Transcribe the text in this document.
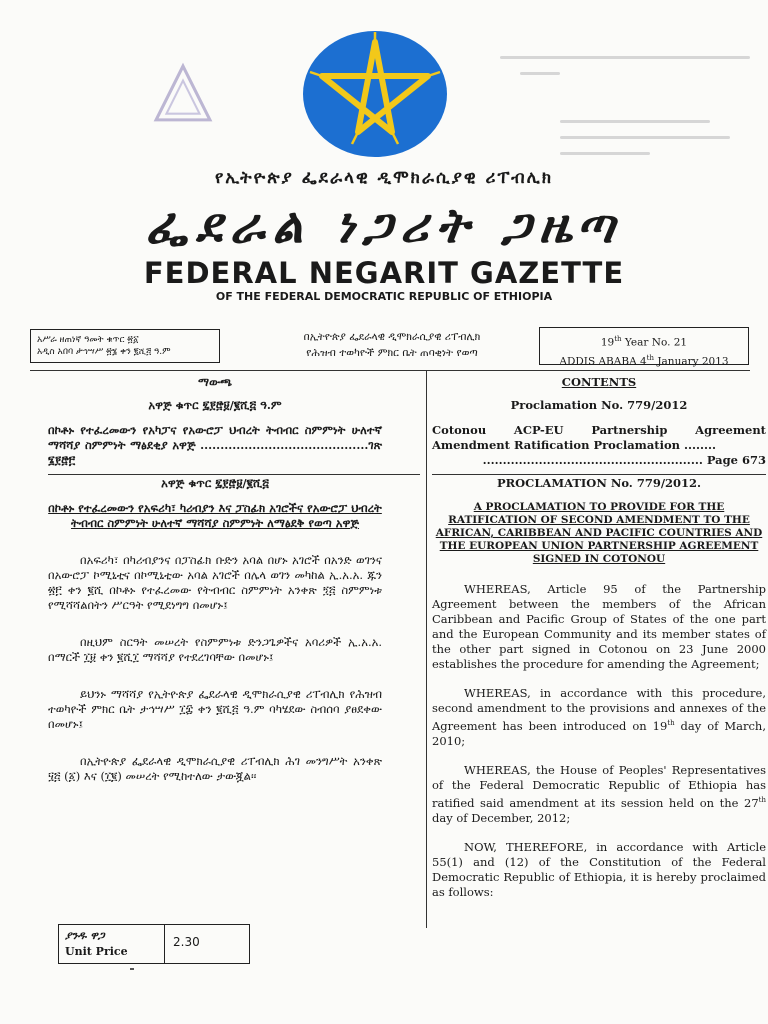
የኢትዮጵያ ፌደራላዊ ዲሞክራሲያዊ ሪፐብሊክ
ፌደራል ነጋሪት ጋዜጣ
FEDERAL NEGARIT GAZETTE
OF THE FEDERAL DEMOCRATIC REPUBLIC OF ETHIOPIA
አሥራ ዘጠነኛ ዓመት ቁጥር ፳፩
አዲስ አበባ ታኅሣሥ ፳፮ ቀን ፪ሺ፭ ዓ.ም
በኢትዮጵያ ፌደራላዊ ዲሞክራሲያዊ ሪፐብሊክ
የሕዝብ ተወካዮች ምክር ቤት ጠባቂነት የወጣ
19th Year No. 21
ADDIS ABABA 4th January 2013

ማውጫ

አዋጅ ቁጥር ፯፻፸፱/፪ሺ፭ ዓ.ም

በኮቶኑ የተፈረመውን የአካፓና የአውሮፓ ህብረት ትብብር ስምምነት ሁለተኛ ማሻሻያ ስምምነት ማፅደቂያ አዋጅ ..........................................ገጽ ፮፻፸፫

አዋጅ ቁጥር ፯፻፸፱/፪ሺ፭

በኮቶኑ የተፈረመውን የአፍሪካ፣ ካሪብያን እና ፓስፊክ አገሮችና የአውሮፓ ህብረት ትብብር ስምምነት ሁለተኛ ማሻሻያ ስምምነት ለማፅደቅ የወጣ አዋጅ

በአፍሪካ፣ በካሪብያንና በፓስፊክ ቡድን አባል በሆኑ አገሮች በአንድ ወገንና በአውሮፓ ኮሚኒቲና በኮሚኒቲው አባል አገሮች በሌላ ወገን መካከል ኢ.አ.አ. ጁን ፳፫ ቀን ፪ሺ በኮቶኑ የተፈረመው የትብብር ስምምነት አንቀጽ ፺፭ ስምምነቱ የሚሻሻልበትን ሥርዓት የሚደነግግ በመሆኑ፤

በዚህም ስርዓት መሠረት የስምምነቱ ድንጋጌዎችና አባሪዎች ኢ.አ.አ. በማርች ፲፱ ቀን ፪ሺ፲ ማሻሻያ የተደረገባቸው በመሆኑ፤

ይህንኑ ማሻሻያ የኢትዮጵያ ፌደራላዊ ዲሞክራሲያዊ ሪፐብሊክ የሕዝብ ተወካዮች ምክር ቤት ታኅሣሥ ፲፰ ቀን ፪ሺ፭ ዓ.ም ባካሄደው ስብሰባ ያፀደቀው በመሆኑ፤

በኢትዮጵያ ፌደራላዊ ዲሞክራሲያዊ ሪፐብሊክ ሕገ መንግሥት አንቀጽ ፶፭ (፩) እና (፲፪) መሠረት የሚከተለው ታውጇል፡፡

CONTENTS

Proclamation No. 779/2012

Cotonou ACP-EU Partnership Agreement Amendment Ratification Proclamation ........

....................................................... Page 673

PROCLAMATION No. 779/2012.

A PROCLAMATION TO PROVIDE FOR THE RATIFICATION OF SECOND AMENDMENT TO THE AFRICAN, CARIBBEAN AND PACIFIC COUNTRIES AND THE EUROPEAN UNION PARTNERSHIP AGREEMENT SIGNED IN COTONOU

WHEREAS, Article 95 of the Partnership Agreement between the members of the African Caribbean and Pacific Group of States of the one part and the European Community and its member states of the other part signed in Cotonou on 23 June 2000 establishes the procedure for amending the Agreement;

WHEREAS, in accordance with this procedure, second amendment to the provisions and annexes of the Agreement has been introduced on 19th day of March, 2010;

WHEREAS, the House of Peoples' Representatives of the Federal Democratic Republic of Ethiopia has ratified said amendment at its session held on the 27th day of December, 2012;

NOW, THEREFORE, in accordance with Article 55(1) and (12) of the Constitution of the Federal Democratic Republic of Ethiopia, it is hereby proclaimed as follows:

ያንዱ ዋጋ
Unit Price
2.30
